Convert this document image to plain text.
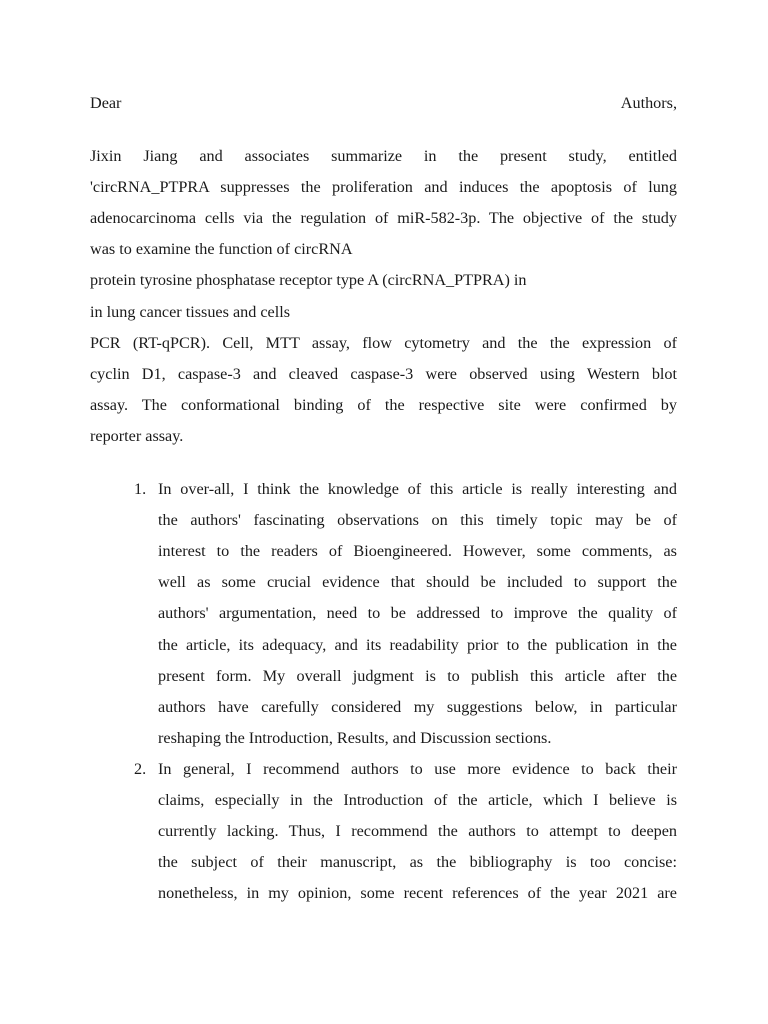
Dear	Authors,

Jixin Jiang and associates summarize in the present study, entitled
'circRNA_PTPRA suppresses the proliferation and induces the apoptosis of lung
adenocarcinoma cells via the regulation of miR-582-3p. The objective of the study
was to examine the function of circRNA
protein tyrosine phosphatase receptor type A (circRNA_PTPRA) in
in lung cancer tissues and cells
PCR (RT-qPCR). Cell, MTT assay, flow cytometry and the the expression of
cyclin D1, caspase-3 and cleaved caspase-3 were observed using Western blot
assay. The conformational binding of the respective site were confirmed by
reporter assay.

1. In over-all, I think the knowledge of this article is really interesting and
the authors' fascinating observations on this timely topic may be of
interest to the readers of Bioengineered. However, some comments, as
well as some crucial evidence that should be included to support the
authors' argumentation, need to be addressed to improve the quality of
the article, its adequacy, and its readability prior to the publication in the
present form. My overall judgment is to publish this article after the
authors have carefully considered my suggestions below, in particular
reshaping the Introduction, Results, and Discussion sections.
2. In general, I recommend authors to use more evidence to back their
claims, especially in the Introduction of the article, which I believe is
currently lacking. Thus, I recommend the authors to attempt to deepen
the subject of their manuscript, as the bibliography is too concise:
nonetheless, in my opinion, some recent references of the year 2021 are
